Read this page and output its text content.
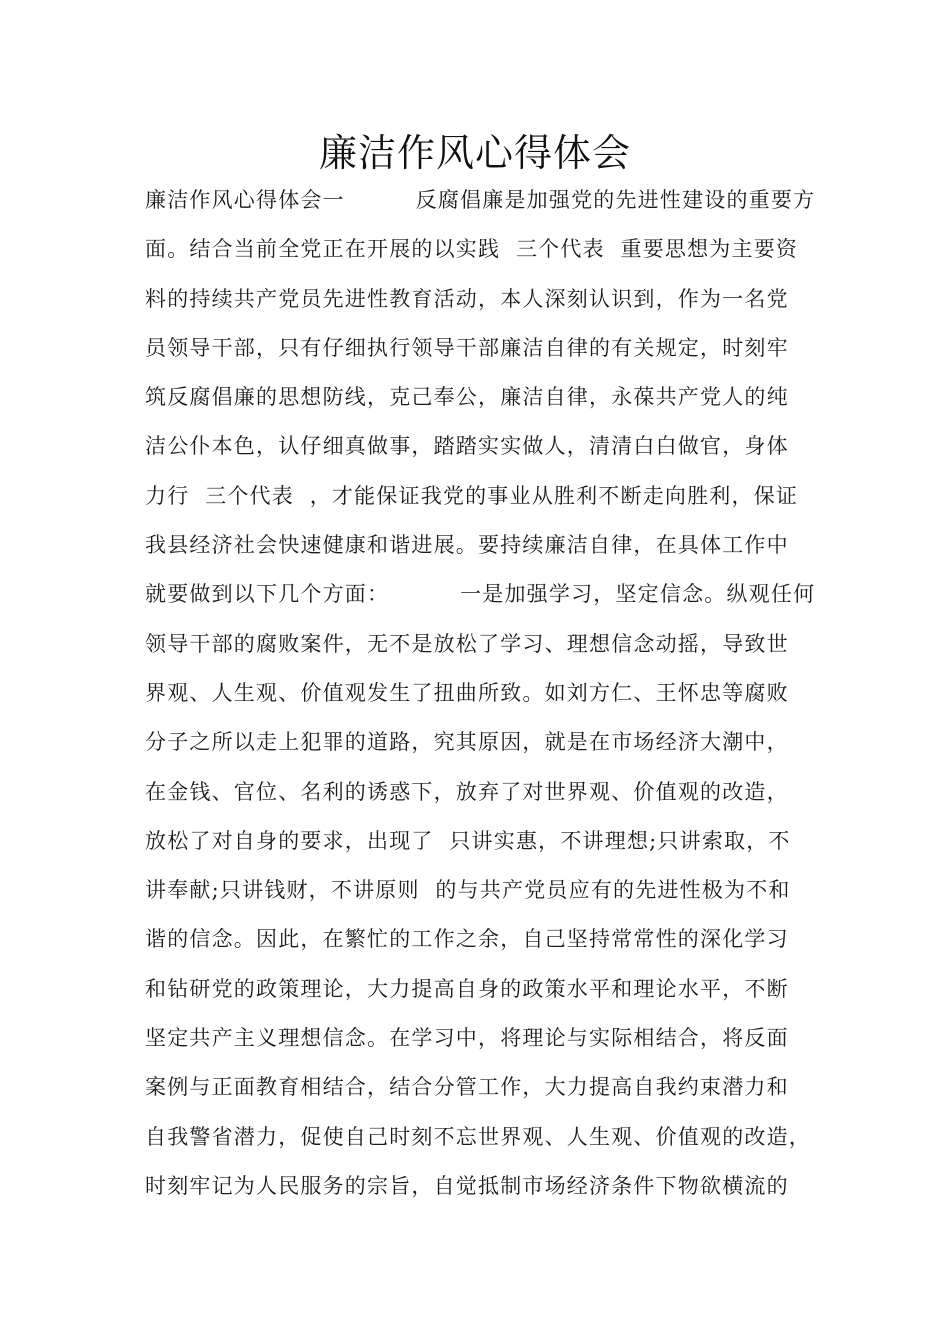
廉洁作风心得体会
廉洁作风心得体会一         反腐倡廉是加强党的先进性建设的重要方
面。结合当前全党正在开展的以实践  三个代表  重要思想为主要资
料的持续共产党员先进性教育活动，本人深刻认识到，作为一名党
员领导干部，只有仔细执行领导干部廉洁自律的有关规定，时刻牢
筑反腐倡廉的思想防线，克己奉公，廉洁自律，永葆共产党人的纯
洁公仆本色，认仔细真做事，踏踏实实做人，清清白白做官，身体
力行  三个代表  ，才能保证我党的事业从胜利不断走向胜利，保证
我县经济社会快速健康和谐进展。要持续廉洁自律，在具体工作中
就要做到以下几个方面：         一是加强学习，坚定信念。纵观任何
领导干部的腐败案件，无不是放松了学习、理想信念动摇，导致世
界观、人生观、价值观发生了扭曲所致。如刘方仁、王怀忠等腐败
分子之所以走上犯罪的道路，究其原因，就是在市场经济大潮中，
在金钱、官位、名利的诱惑下，放弃了对世界观、价值观的改造，
放松了对自身的要求，出现了  只讲实惠，不讲理想;只讲索取，不
讲奉献;只讲钱财，不讲原则  的与共产党员应有的先进性极为不和
谐的信念。因此，在繁忙的工作之余，自己坚持常常性的深化学习
和钻研党的政策理论，大力提高自身的政策水平和理论水平，不断
坚定共产主义理想信念。在学习中，将理论与实际相结合，将反面
案例与正面教育相结合，结合分管工作，大力提高自我约束潜力和
自我警省潜力，促使自己时刻不忘世界观、人生观、价值观的改造，
时刻牢记为人民服务的宗旨，自觉抵制市场经济条件下物欲横流的
